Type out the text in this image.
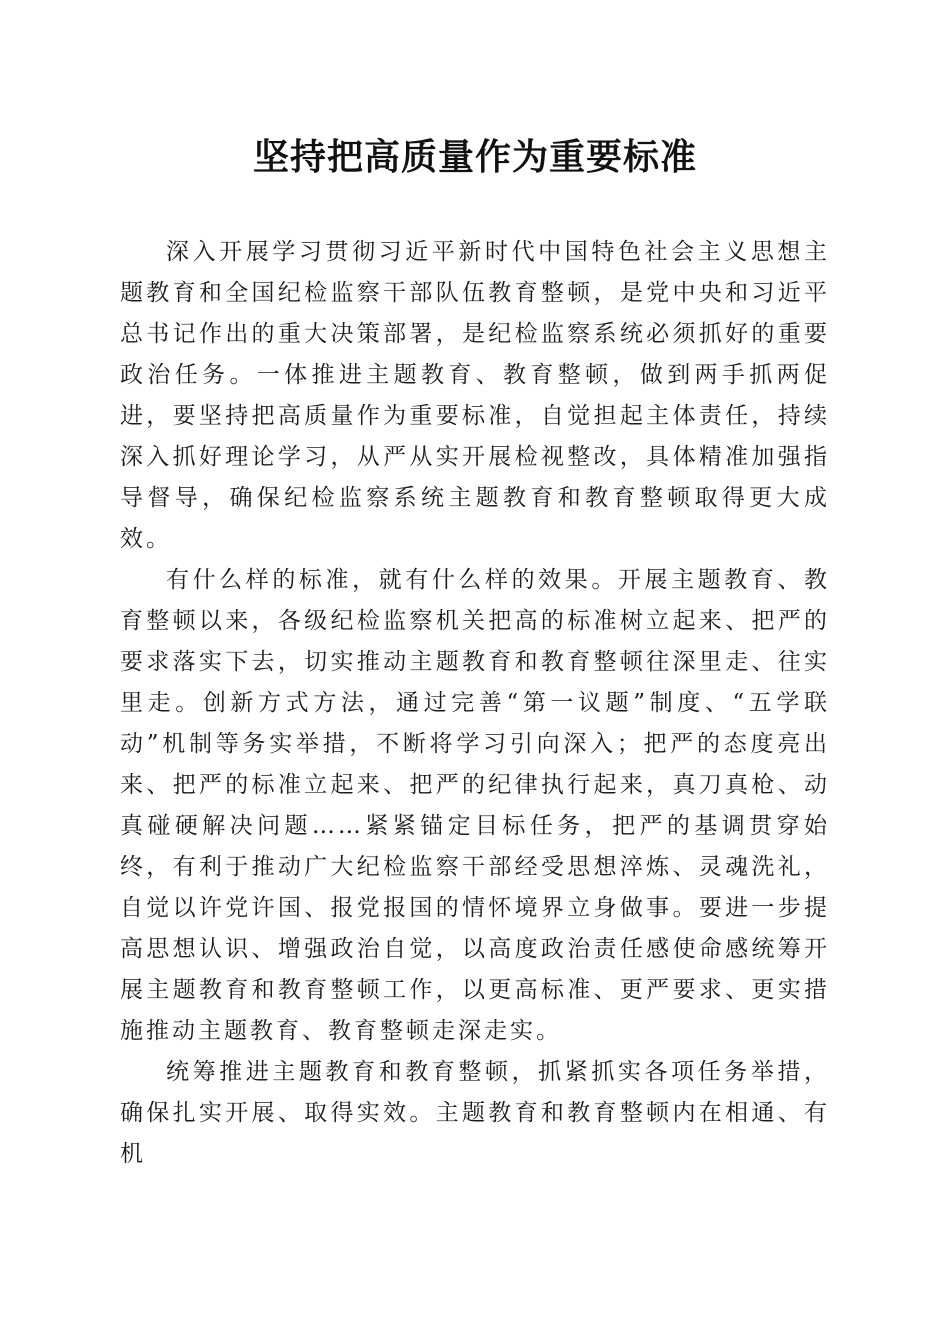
坚持把高质量作为重要标准

深入开展学习贯彻习近平新时代中国特色社会主义思想主题教育和全国纪检监察干部队伍教育整顿，是党中央和习近平总书记作出的重大决策部署，是纪检监察系统必须抓好的重要政治任务。一体推进主题教育、教育整顿，做到两手抓两促进，要坚持把高质量作为重要标准，自觉担起主体责任，持续深入抓好理论学习，从严从实开展检视整改，具体精准加强指导督导，确保纪检监察系统主题教育和教育整顿取得更大成效。

有什么样的标准，就有什么样的效果。开展主题教育、教育整顿以来，各级纪检监察机关把高的标准树立起来、把严的要求落实下去，切实推动主题教育和教育整顿往深里走、往实里走。创新方式方法，通过完善“第一议题”制度、“五学联动”机制等务实举措，不断将学习引向深入；把严的态度亮出来、把严的标准立起来、把严的纪律执行起来，真刀真枪、动真碰硬解决问题……紧紧锚定目标任务，把严的基调贯穿始终，有利于推动广大纪检监察干部经受思想淬炼、灵魂洗礼，自觉以许党许国、报党报国的情怀境界立身做事。要进一步提高思想认识、增强政治自觉，以高度政治责任感使命感统筹开展主题教育和教育整顿工作，以更高标准、更严要求、更实措施推动主题教育、教育整顿走深走实。

统筹推进主题教育和教育整顿，抓紧抓实各项任务举措，确保扎实开展、取得实效。主题教育和教育整顿内在相通、有机
